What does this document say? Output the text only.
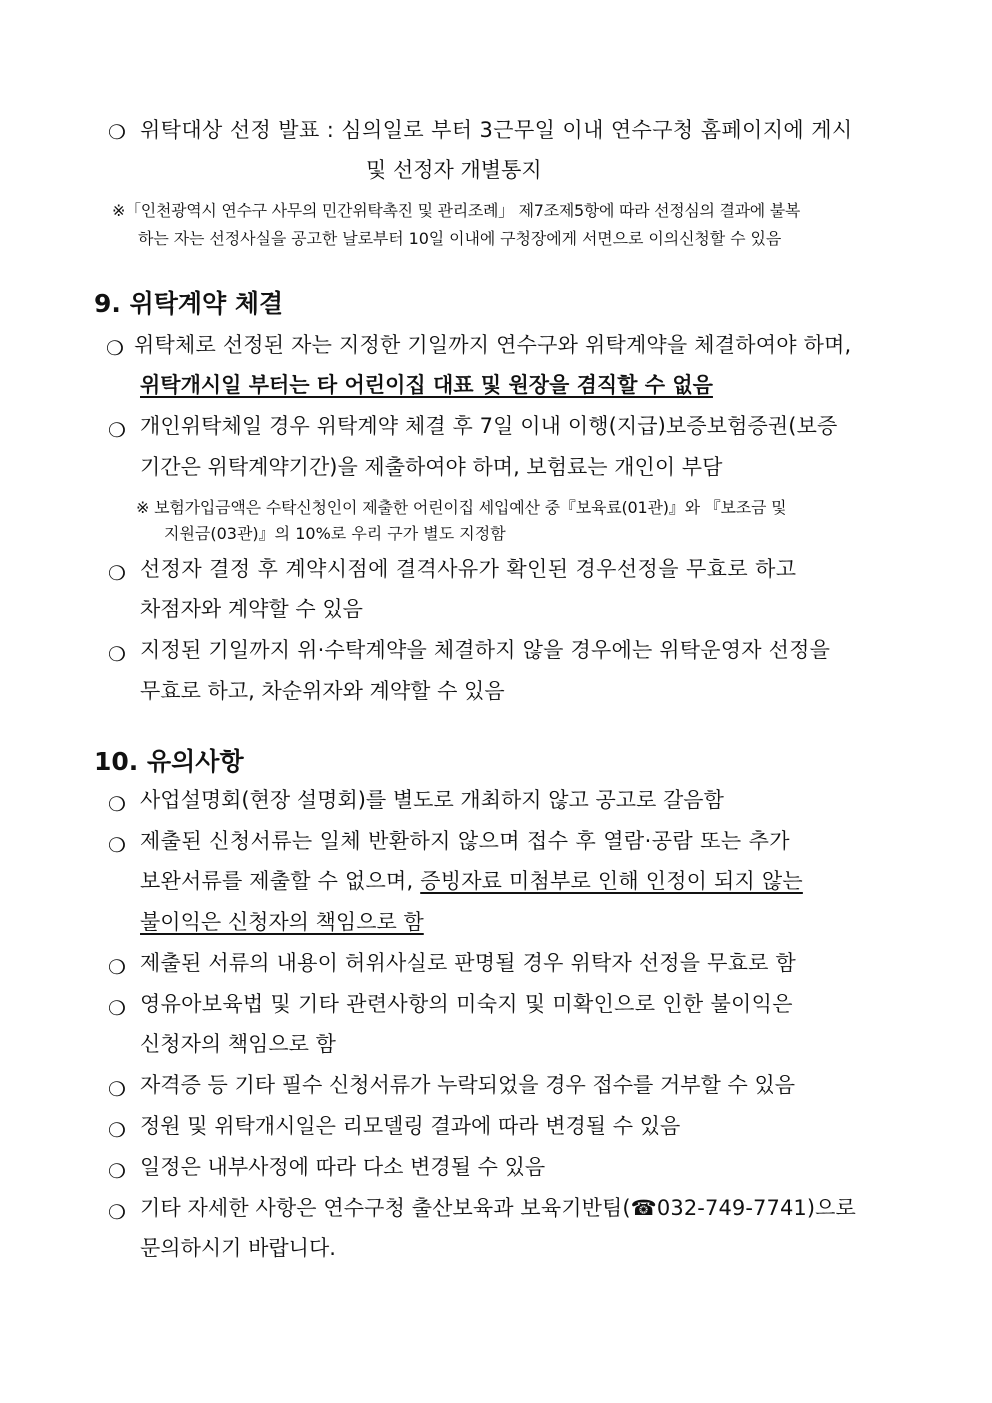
❍ 위탁대상 선정 발표 : 심의일로 부터 3근무일 이내 연수구청 홈페이지에 게시
및 선정자 개별통지
※「인천광역시 연수구 사무의 민간위탁촉진 및 관리조례」 제7조제5항에 따라 선정심의 결과에 불복
하는 자는 선정사실을 공고한 날로부터 10일 이내에 구청장에게 서면으로 이의신청할 수 있음
9. 위탁계약 체결
❍ 위탁체로 선정된 자는 지정한 기일까지 연수구와 위탁계약을 체결하여야 하며,
위탁개시일 부터는 타 어린이집 대표 및 원장을 겸직할 수 없음
❍ 개인위탁체일 경우 위탁계약 체결 후 7일 이내 이행(지급)보증보험증권(보증
기간은 위탁계약기간)을 제출하여야 하며, 보험료는 개인이 부담
※ 보험가입금액은 수탁신청인이 제출한 어린이집 세입예산 중『보육료(01관)』와 『보조금 및
지원금(03관)』의 10%로 우리 구가 별도 지정함
❍ 선정자 결정 후 계약시점에 결격사유가 확인된 경우선정을 무효로 하고
차점자와 계약할 수 있음
❍ 지정된 기일까지 위·수탁계약을 체결하지 않을 경우에는 위탁운영자 선정을
무효로 하고, 차순위자와 계약할 수 있음
10. 유의사항
❍ 사업설명회(현장 설명회)를 별도로 개최하지 않고 공고로 갈음함
❍ 제출된 신청서류는 일체 반환하지 않으며 접수 후 열람·공람 또는 추가
보완서류를 제출할 수 없으며, 증빙자료 미첨부로 인해 인정이 되지 않는
불이익은 신청자의 책임으로 함
❍ 제출된 서류의 내용이 허위사실로 판명될 경우 위탁자 선정을 무효로 함
❍ 영유아보육법 및 기타 관련사항의 미숙지 및 미확인으로 인한 불이익은
신청자의 책임으로 함
❍ 자격증 등 기타 필수 신청서류가 누락되었을 경우 접수를 거부할 수 있음
❍ 정원 및 위탁개시일은 리모델링 결과에 따라 변경될 수 있음
❍ 일정은 내부사정에 따라 다소 변경될 수 있음
❍ 기타 자세한 사항은 연수구청 출산보육과 보육기반팀(☎032-749-7741)으로
문의하시기 바랍니다.
